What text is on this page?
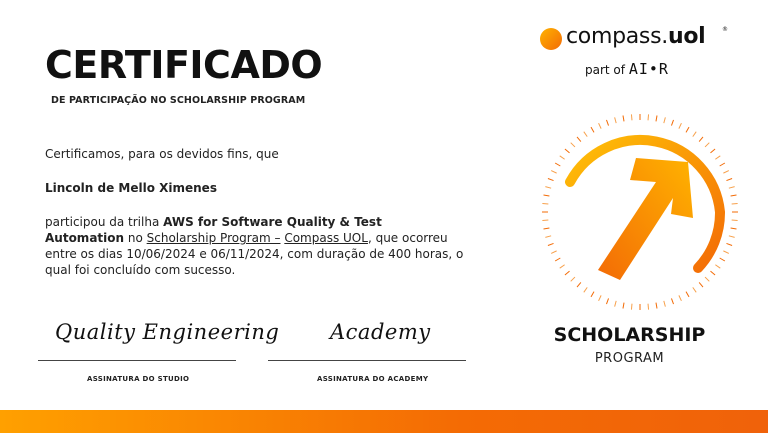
CERTIFICADO
DE PARTICIPAÇÃO NO SCHOLARSHIP PROGRAM
Certificamos, para os devidos fins, que
Lincoln de Mello Ximenes
participou da trilha AWS for Software Quality & Test Automation no Scholarship Program – Compass UOL, que ocorreu entre os dias 10/06/2024 e 06/11/2024, com duração de 400 horas, o qual foi concluído com sucesso.
Quality Engineering
ASSINATURA DO STUDIO
Academy
ASSINATURA DO ACADEMY
compass.uol	®
part of AI•R
SCHOLARSHIP
PROGRAM
